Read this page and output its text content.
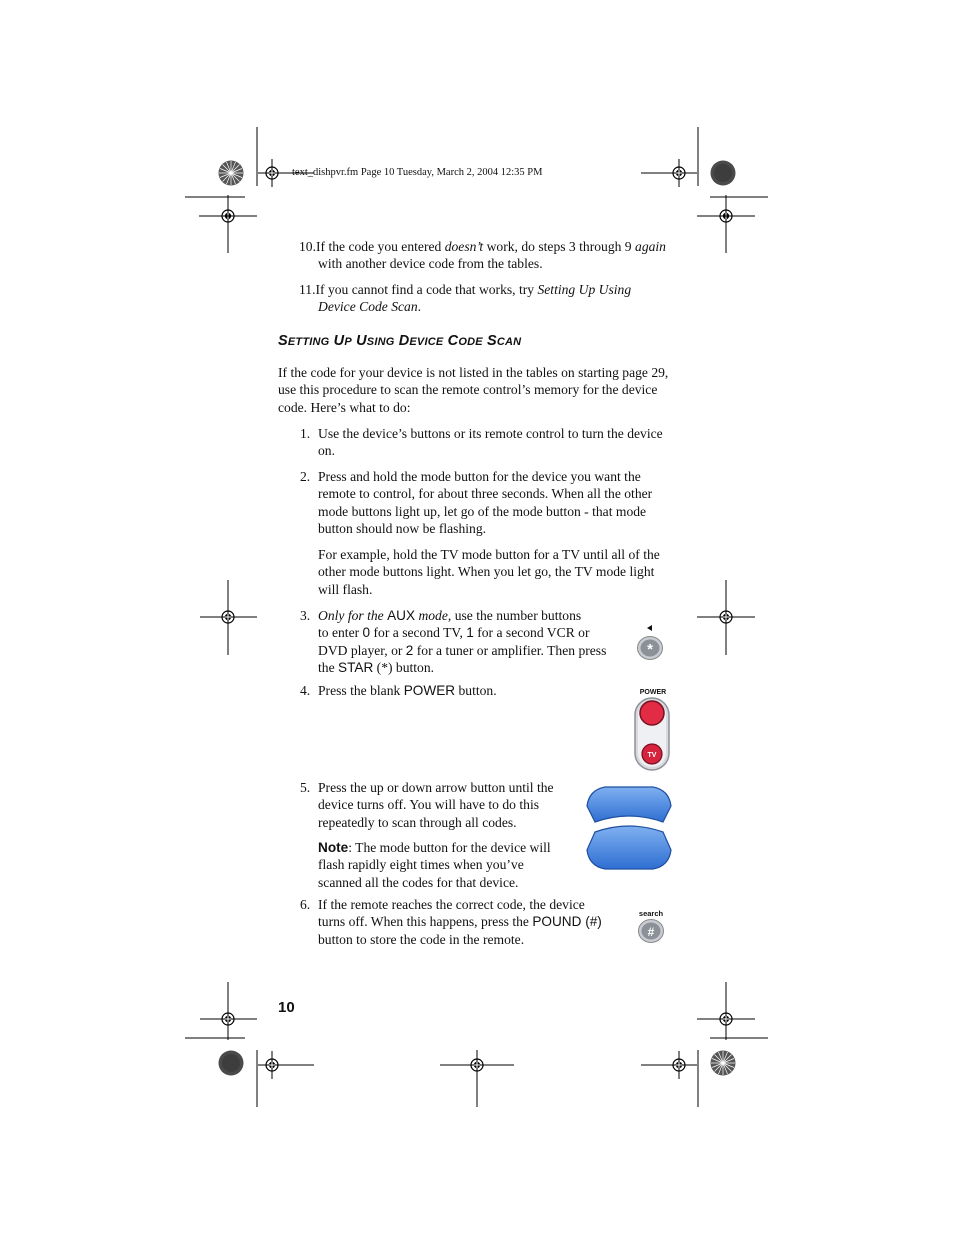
text_dishpvr.fm Page 10 Tuesday, March 2, 2004 12:35 PM
10.If the code you entered doesn’t work, do steps 3 through 9 again
with another device code from the tables.
11.If you cannot find a code that works, try Setting Up Using
Device Code Scan.
SETTING UP USING DEVICE CODE SCAN
If the code for your device is not listed in the tables on starting page 29,
use this procedure to scan the remote control’s memory for the device
code. Here’s what to do:
1. Use the device’s buttons or its remote control to turn the device
on.
2. Press and hold the mode button for the device you want the
remote to control, for about three seconds. When all the other
mode buttons light up, let go of the mode button - that mode
button should now be flashing.
For example, hold the TV mode button for a TV until all of the
other mode buttons light. When you let go, the TV mode light
will flash.
3. Only for the AUX mode, use the number buttons
to enter 0 for a second TV, 1 for a second VCR or
DVD player, or 2 for a tuner or amplifier. Then press
the STAR (*) button.
*
4. Press the blank POWER button.	POWER
TV
5. Press the up or down arrow button until the
device turns off. You will have to do this
repeatedly to scan through all codes.
Note: The mode button for the device will
flash rapidly eight times when you’ve
scanned all the codes for that device.
6. If the remote reaches the correct code, the device
turns off. When this happens, press the POUND (#)
button to store the code in the remote.
search
#
10
